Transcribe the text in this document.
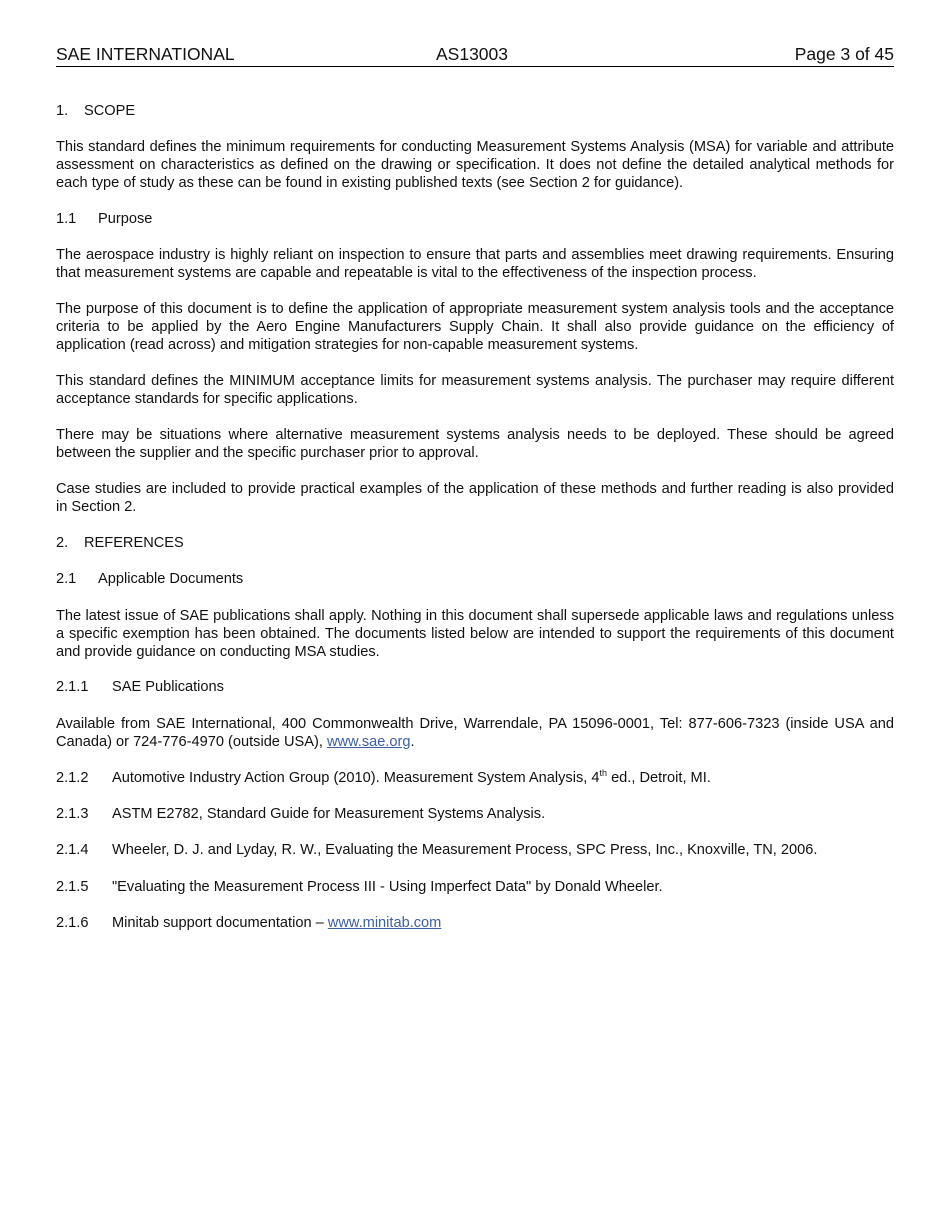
SAE INTERNATIONAL	AS13003	Page 3 of 45
1. SCOPE
This standard defines the minimum requirements for conducting Measurement Systems Analysis (MSA) for variable and attribute assessment on characteristics as defined on the drawing or specification. It does not define the detailed analytical methods for each type of study as these can be found in existing published texts (see Section 2 for guidance).
1.1 Purpose
The aerospace industry is highly reliant on inspection to ensure that parts and assemblies meet drawing requirements. Ensuring that measurement systems are capable and repeatable is vital to the effectiveness of the inspection process.
The purpose of this document is to define the application of appropriate measurement system analysis tools and the acceptance criteria to be applied by the Aero Engine Manufacturers Supply Chain. It shall also provide guidance on the efficiency of application (read across) and mitigation strategies for non-capable measurement systems.
This standard defines the MINIMUM acceptance limits for measurement systems analysis. The purchaser may require different acceptance standards for specific applications.
There may be situations where alternative measurement systems analysis needs to be deployed. These should be agreed between the supplier and the specific purchaser prior to approval.
Case studies are included to provide practical examples of the application of these methods and further reading is also provided in Section 2.
2. REFERENCES
2.1 Applicable Documents
The latest issue of SAE publications shall apply. Nothing in this document shall supersede applicable laws and regulations unless a specific exemption has been obtained. The documents listed below are intended to support the requirements of this document and provide guidance on conducting MSA studies.
2.1.1 SAE Publications
Available from SAE International, 400 Commonwealth Drive, Warrendale, PA 15096-0001, Tel: 877-606-7323 (inside USA and Canada) or 724-776-4970 (outside USA), www.sae.org.
2.1.2 Automotive Industry Action Group (2010). Measurement System Analysis, 4th ed., Detroit, MI.
2.1.3 ASTM E2782, Standard Guide for Measurement Systems Analysis.
2.1.4 Wheeler, D. J. and Lyday, R. W., Evaluating the Measurement Process, SPC Press, Inc., Knoxville, TN, 2006.
2.1.5 "Evaluating the Measurement Process III - Using Imperfect Data" by Donald Wheeler.
2.1.6 Minitab support documentation – www.minitab.com
